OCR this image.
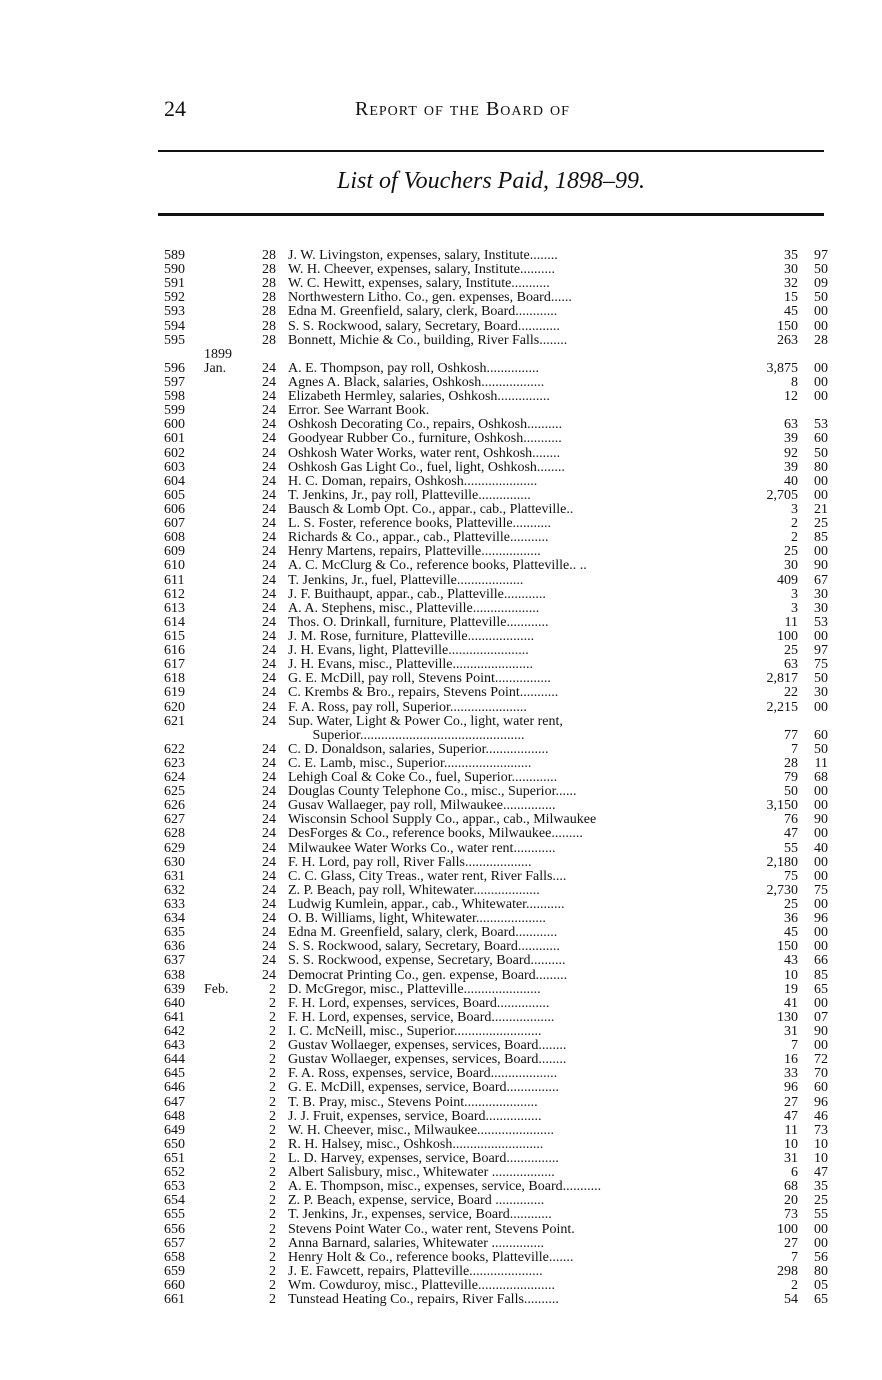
24	Report of the Board of
List of Vouchers Paid, 1898–99.
589	28 J. W. Livingston, expenses, salary, Institute........	35	97
590	28 W. H. Cheever, expenses, salary, Institute..........	30	50
591	28 W. C. Hewitt, expenses, salary, Institute...........	32	09
592	28 Northwestern Litho. Co., gen. expenses, Board......	15	50
593	28 Edna M. Greenfield, salary, clerk, Board............	45	00
594	28 S. S. Rockwood, salary, Secretary, Board............	150	00
595	28 Bonnett, Michie & Co., building, River Falls........	263	28
1899
596	Jan.	24 A. E. Thompson, pay roll, Oshkosh...............	3,875	00
597	24 Agnes A. Black, salaries, Oshkosh..................	8	00
598	24 Elizabeth Hermley, salaries, Oshkosh...............	12	00
599	24 Error. See Warrant Book.
600	24 Oshkosh Decorating Co., repairs, Oshkosh..........	63	53
601	24 Goodyear Rubber Co., furniture, Oshkosh...........	39	60
602	24 Oshkosh Water Works, water rent, Oshkosh........	92	50
603	24 Oshkosh Gas Light Co., fuel, light, Oshkosh........	39	80
604	24 H. C. Doman, repairs, Oshkosh.....................	40	00
605	24 T. Jenkins, Jr., pay roll, Platteville...............	2,705	00
606	24 Bausch & Lomb Opt. Co., appar., cab., Platteville..	3	21
607	24 L. S. Foster, reference books, Platteville...........	2	25
608	24 Richards & Co., appar., cab., Platteville...........	2	85
609	24 Henry Martens, repairs, Platteville.................	25	00
610	24 A. C. McClurg & Co., reference books, Platteville.. ..	30	90
611	24 T. Jenkins, Jr., fuel, Platteville...................	409	67
612	24 J. F. Buithaupt, appar., cab., Platteville............	3	30
613	24 A. A. Stephens, misc., Platteville...................	3	30
614	24 Thos. O. Drinkall, furniture, Platteville............	11	53
615	24 J. M. Rose, furniture, Platteville...................	100	00
616	24 J. H. Evans, light, Platteville.......................	25	97
617	24 J. H. Evans, misc., Platteville.......................	63	75
618	24 G. E. McDill, pay roll, Stevens Point................	2,817	50
619	24 C. Krembs & Bro., repairs, Stevens Point...........	22	30
620	24 F. A. Ross, pay roll, Superior......................	2,215	00
621	24 Sup. Water, Light & Power Co., light, water rent,
Superior...............................................	77	60
622	24 C. D. Donaldson, salaries, Superior..................	7	50
623	24 C. E. Lamb, misc., Superior.........................	28	11
624	24 Lehigh Coal & Coke Co., fuel, Superior.............	79	68
625	24 Douglas County Telephone Co., misc., Superior......	50	00
626	24 Gusav Wallaeger, pay roll, Milwaukee...............	3,150	00
627	24 Wisconsin School Supply Co., appar., cab., Milwaukee	76	90
628	24 DesForges & Co., reference books, Milwaukee.........	47	00
629	24 Milwaukee Water Works Co., water rent............	55	40
630	24 F. H. Lord, pay roll, River Falls...................	2,180	00
631	24 C. C. Glass, City Treas., water rent, River Falls....	75	00
632	24 Z. P. Beach, pay roll, Whitewater...................	2,730	75
633	24 Ludwig Kumlein, appar., cab., Whitewater...........	25	00
634	24 O. B. Williams, light, Whitewater....................	36	96
635	24 Edna M. Greenfield, salary, clerk, Board............	45	00
636	24 S. S. Rockwood, salary, Secretary, Board............	150	00
637	24 S. S. Rockwood, expense, Secretary, Board..........	43	66
638	24 Democrat Printing Co., gen. expense, Board.........	10	85
639	Feb.	2 D. McGregor, misc., Platteville......................	19	65
640	2 F. H. Lord, expenses, services, Board...............	41	00
641	2 F. H. Lord, expenses, service, Board..................	130	07
642	2 I. C. McNeill, misc., Superior.........................	31	90
643	2 Gustav Wollaeger, expenses, services, Board........	7	00
644	2 Gustav Wollaeger, expenses, services, Board........	16	72
645	2 F. A. Ross, expenses, service, Board...................	33	70
646	2 G. E. McDill, expenses, service, Board...............	96	60
647	2 T. B. Pray, misc., Stevens Point.....................	27	96
648	2 J. J. Fruit, expenses, service, Board................	47	46
649	2 W. H. Cheever, misc., Milwaukee......................	11	73
650	2 R. H. Halsey, misc., Oshkosh..........................	10	10
651	2 L. D. Harvey, expenses, service, Board...............	31	10
652	2 Albert Salisbury, misc., Whitewater ..................	6	47
653	2 A. E. Thompson, misc., expenses, service, Board...........	68	35
654	2 Z. P. Beach, expense, service, Board ..............	20	25
655	2 T. Jenkins, Jr., expenses, service, Board............	73	55
656	2 Stevens Point Water Co., water rent, Stevens Point.	100	00
657	2 Anna Barnard, salaries, Whitewater ...............	27	00
658	2 Henry Holt & Co., reference books, Platteville.......	7	56
659	2 J. E. Fawcett, repairs, Platteville.....................	298	80
660	2 Wm. Cowduroy, misc., Platteville......................	2	05
661	2 Tunstead Heating Co., repairs, River Falls..........	54	65
